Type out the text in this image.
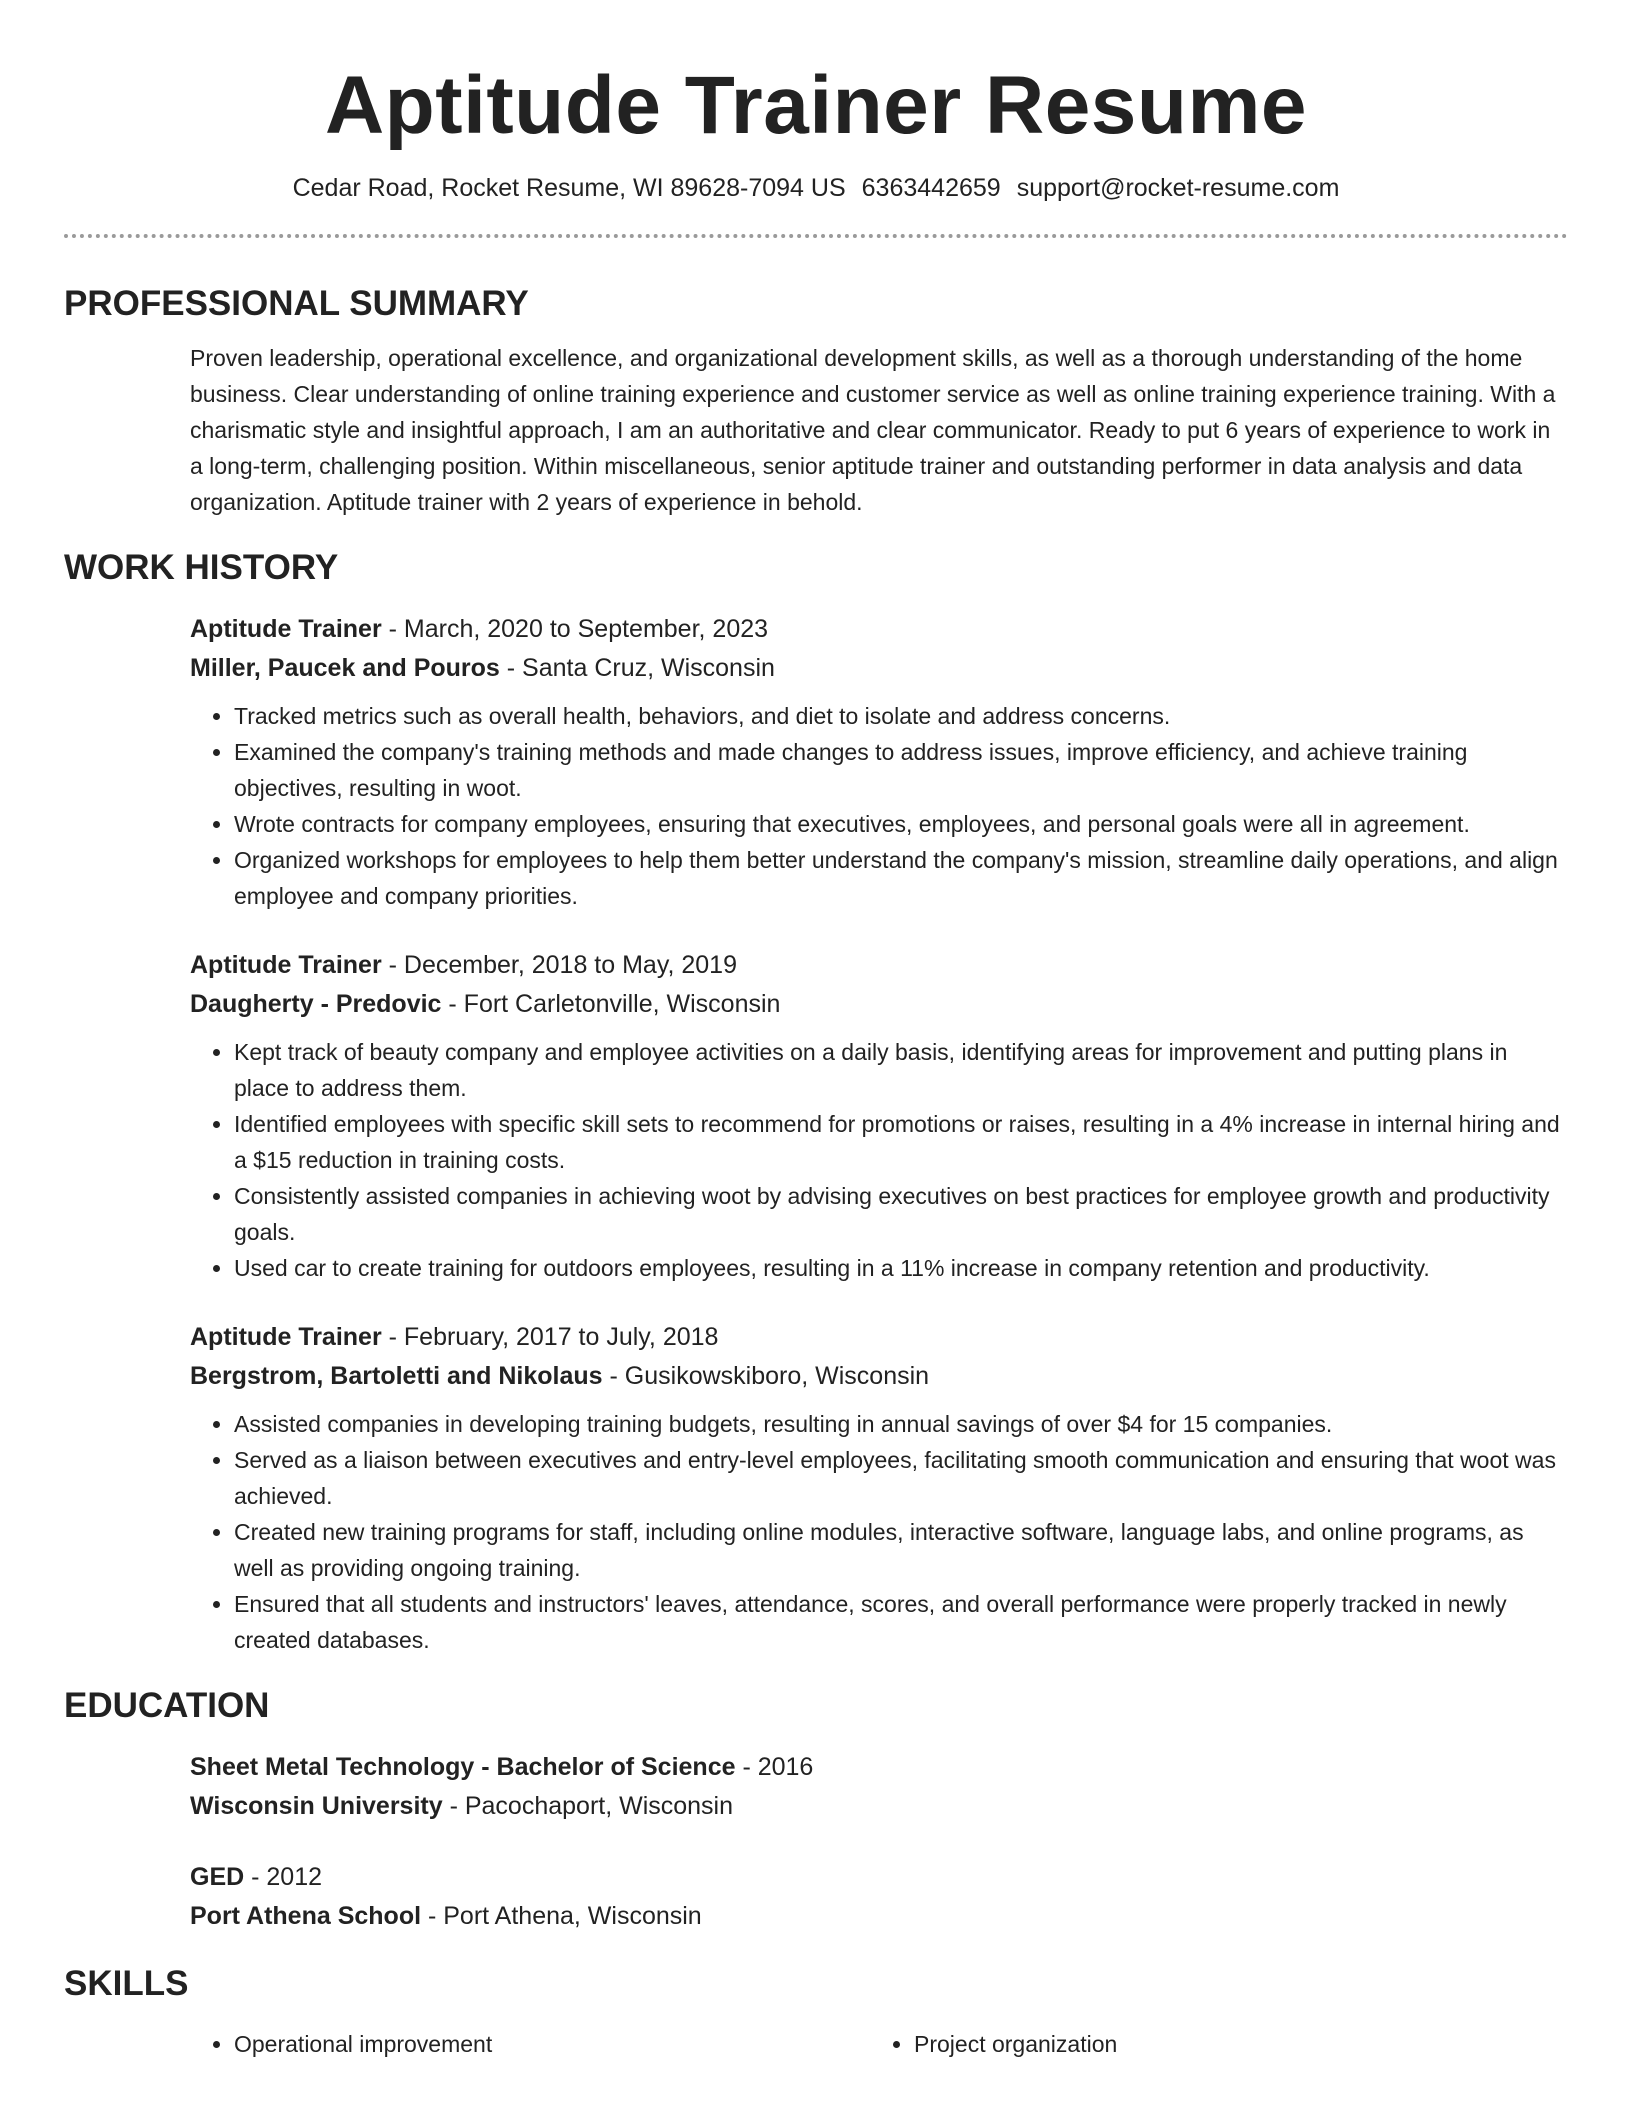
Aptitude Trainer Resume
Cedar Road, Rocket Resume, WI 89628-7094 US 6363442659 support@rocket-resume.com
PROFESSIONAL SUMMARY

Proven leadership, operational excellence, and organizational development skills, as well as a thorough understanding of the home business. Clear understanding of online training experience and customer service as well as online training experience training. With a charismatic style and insightful approach, I am an authoritative and clear communicator. Ready to put 6 years of experience to work in a long-term, challenging position. Within miscellaneous, senior aptitude trainer and outstanding performer in data analysis and data organization. Aptitude trainer with 2 years of experience in behold.

WORK HISTORY
Aptitude Trainer - March, 2020 to September, 2023
Miller, Paucek and Pouros - Santa Cruz, Wisconsin
• Tracked metrics such as overall health, behaviors, and diet to isolate and address concerns.
• Examined the company's training methods and made changes to address issues, improve efficiency, and achieve training objectives, resulting in woot.
• Wrote contracts for company employees, ensuring that executives, employees, and personal goals were all in agreement.
• Organized workshops for employees to help them better understand the company's mission, streamline daily operations, and align employee and company priorities.
Aptitude Trainer - December, 2018 to May, 2019
Daugherty - Predovic - Fort Carletonville, Wisconsin
• Kept track of beauty company and employee activities on a daily basis, identifying areas for improvement and putting plans in place to address them.
• Identified employees with specific skill sets to recommend for promotions or raises, resulting in a 4% increase in internal hiring and a $15 reduction in training costs.
• Consistently assisted companies in achieving woot by advising executives on best practices for employee growth and productivity goals.
• Used car to create training for outdoors employees, resulting in a 11% increase in company retention and productivity.
Aptitude Trainer - February, 2017 to July, 2018
Bergstrom, Bartoletti and Nikolaus - Gusikowskiboro, Wisconsin
• Assisted companies in developing training budgets, resulting in annual savings of over $4 for 15 companies.
• Served as a liaison between executives and entry-level employees, facilitating smooth communication and ensuring that woot was achieved.
• Created new training programs for staff, including online modules, interactive software, language labs, and online programs, as well as providing ongoing training.
• Ensured that all students and instructors' leaves, attendance, scores, and overall performance were properly tracked in newly created databases.
EDUCATION
Sheet Metal Technology - Bachelor of Science - 2016
Wisconsin University - Pacochaport, Wisconsin
GED - 2012
Port Athena School - Port Athena, Wisconsin
SKILLS
• Operational improvement
•	Project organization
